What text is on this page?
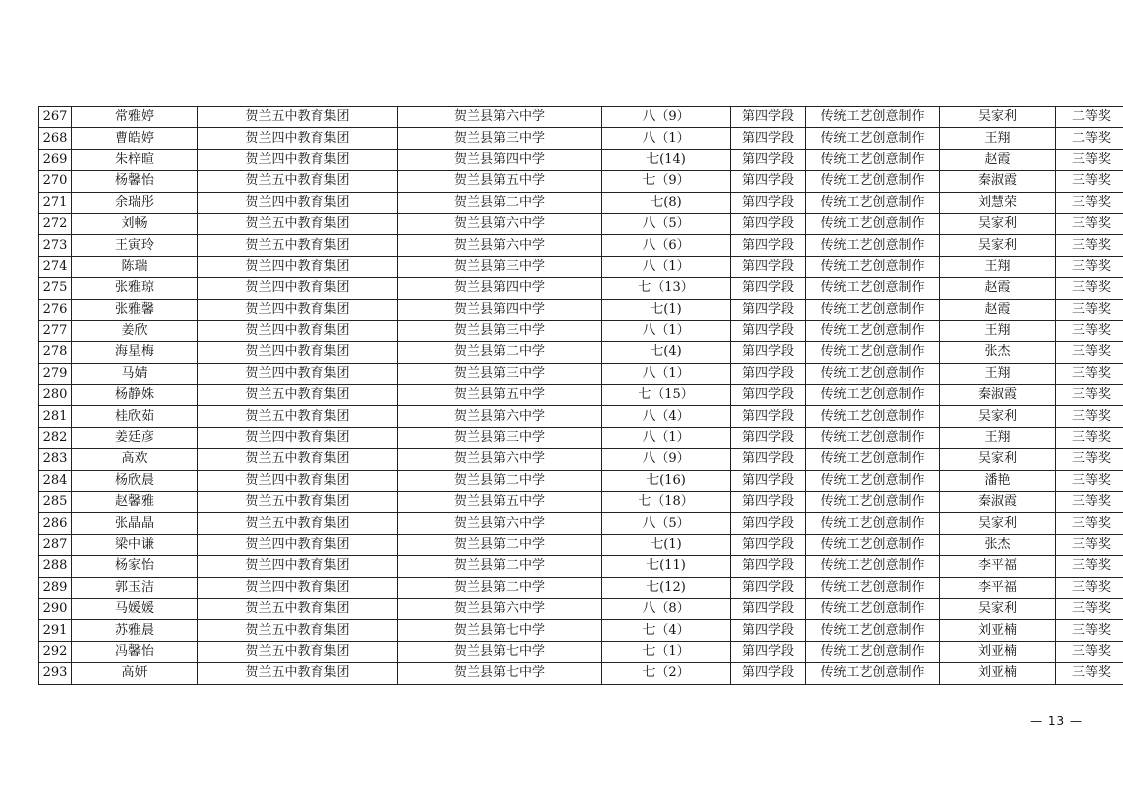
267	常雅婷	贺兰五中教育集团	贺兰县第六中学	八（9）	第四学段	传统工艺创意制作	吴家利	二等奖
268	曹皓婷	贺兰四中教育集团	贺兰县第三中学	八（1）	第四学段	传统工艺创意制作	王翔	二等奖
269	朱梓暄	贺兰四中教育集团	贺兰县第四中学	七(14)	第四学段	传统工艺创意制作	赵霞	三等奖
270	杨馨怡	贺兰五中教育集团	贺兰县第五中学	七（9）	第四学段	传统工艺创意制作	秦淑霞	三等奖
271	余瑞彤	贺兰四中教育集团	贺兰县第二中学	七(8)	第四学段	传统工艺创意制作	刘慧荣	三等奖
272	刘畅	贺兰五中教育集团	贺兰县第六中学	八（5）	第四学段	传统工艺创意制作	吴家利	三等奖
273	王寅玲	贺兰五中教育集团	贺兰县第六中学	八（6）	第四学段	传统工艺创意制作	吴家利	三等奖
274	陈瑞	贺兰四中教育集团	贺兰县第三中学	八（1）	第四学段	传统工艺创意制作	王翔	三等奖
275	张雅琼	贺兰四中教育集团	贺兰县第四中学	七（13）	第四学段	传统工艺创意制作	赵霞	三等奖
276	张雅馨	贺兰四中教育集团	贺兰县第四中学	七(1)	第四学段	传统工艺创意制作	赵霞	三等奖
277	姜欣	贺兰四中教育集团	贺兰县第三中学	八（1）	第四学段	传统工艺创意制作	王翔	三等奖
278	海星梅	贺兰四中教育集团	贺兰县第二中学	七(4)	第四学段	传统工艺创意制作	张杰	三等奖
279	马婧	贺兰四中教育集团	贺兰县第三中学	八（1）	第四学段	传统工艺创意制作	王翔	三等奖
280	杨静姝	贺兰五中教育集团	贺兰县第五中学	七（15）	第四学段	传统工艺创意制作	秦淑霞	三等奖
281	桂欣茹	贺兰五中教育集团	贺兰县第六中学	八（4）	第四学段	传统工艺创意制作	吴家利	三等奖
282	姜廷彦	贺兰四中教育集团	贺兰县第三中学	八（1）	第四学段	传统工艺创意制作	王翔	三等奖
283	高欢	贺兰五中教育集团	贺兰县第六中学	八（9）	第四学段	传统工艺创意制作	吴家利	三等奖
284	杨欣晨	贺兰四中教育集团	贺兰县第二中学	七(16)	第四学段	传统工艺创意制作	潘艳	三等奖
285	赵馨雅	贺兰五中教育集团	贺兰县第五中学	七（18）	第四学段	传统工艺创意制作	秦淑霞	三等奖
286	张晶晶	贺兰五中教育集团	贺兰县第六中学	八（5）	第四学段	传统工艺创意制作	吴家利	三等奖
287	梁中谦	贺兰四中教育集团	贺兰县第二中学	七(1)	第四学段	传统工艺创意制作	张杰	三等奖
288	杨家怡	贺兰四中教育集团	贺兰县第二中学	七(11)	第四学段	传统工艺创意制作	李平福	三等奖
289	郭玉洁	贺兰四中教育集团	贺兰县第二中学	七(12)	第四学段	传统工艺创意制作	李平福	三等奖
290	马媛媛	贺兰五中教育集团	贺兰县第六中学	八（8）	第四学段	传统工艺创意制作	吴家利	三等奖
291	苏雅晨	贺兰五中教育集团	贺兰县第七中学	七（4）	第四学段	传统工艺创意制作	刘亚楠	三等奖
292	冯馨怡	贺兰五中教育集团	贺兰县第七中学	七（1）	第四学段	传统工艺创意制作	刘亚楠	三等奖
293	高妍	贺兰五中教育集团	贺兰县第七中学	七（2）	第四学段	传统工艺创意制作	刘亚楠	三等奖
— 13 —
